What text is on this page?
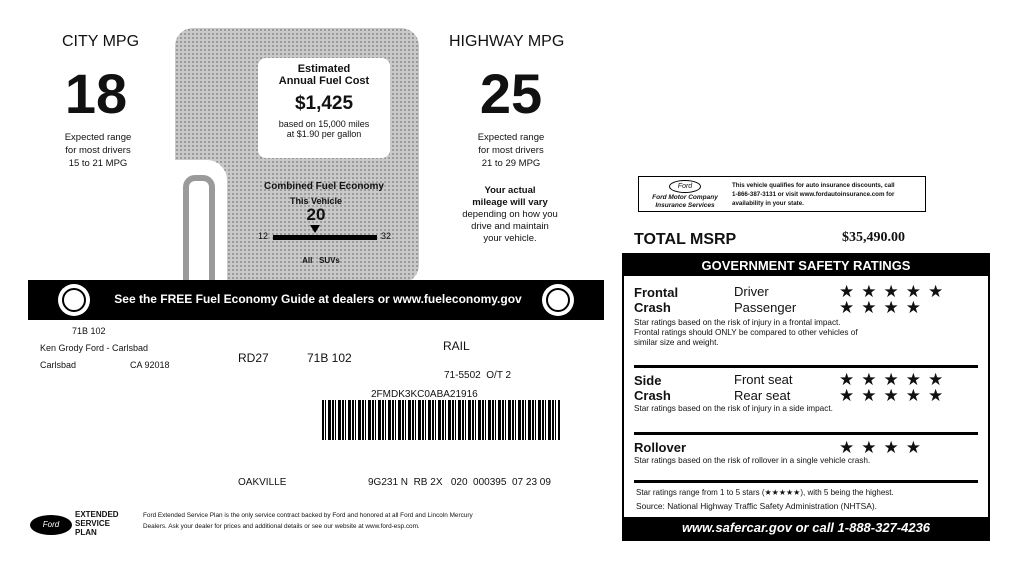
CITY MPG
18
Expected range
for most drivers
15 to 21 MPG
Estimated
Annual Fuel Cost
$1,425
based on 15,000 miles
at $1.90 per gallon
Combined Fuel Economy
This Vehicle
20
12	32
All   SUVs
HIGHWAY MPG
25
Expected range
for most drivers
21 to 29 MPG
Your actual
mileage will vary
depending on how you
drive and maintain
your vehicle.
See the FREE Fuel Economy Guide at dealers or www.fueleconomy.gov
71B 102
Ken Grody Ford - Carlsbad
Carlsbad	CA 92018	RD27	71B 102
RAIL
71-5502  O/T 2
2FMDK3KC0ABA21916
OAKVILLE	9G231 N  RB 2X   020  000395  07 23 09
Ford
EXTENDED
SERVICE
PLAN
Ford Extended Service Plan is the only service contract backed by Ford and honored at all Ford and Lincoln Mercury
Dealers. Ask your dealer for prices and additional details or see our website at www.ford-esp.com.
Ford
Ford Motor Company
Insurance Services
This vehicle qualifies for auto insurance discounts, call
1-866-387-3131 or visit www.fordautoinsurance.com for
availability in your state.
TOTAL MSRP	$35,490.00
GOVERNMENT SAFETY RATINGS
Frontal
Crash
Driver	★★★★★
Passenger	★★★★
Star ratings based on the risk of injury in a frontal impact.
Frontal ratings should ONLY be compared to other vehicles of
similar size and weight.
Side
Crash
Front seat	★★★★★
Rear seat	★★★★★
Star ratings based on the risk of injury in a side impact.
Rollover	★★★★
Star ratings based on the risk of rollover in a single vehicle crash.
Star ratings range from 1 to 5 stars (★★★★★), with 5 being the highest.
Source: National Highway Traffic Safety Administration (NHTSA).
www.safercar.gov or call 1-888-327-4236
